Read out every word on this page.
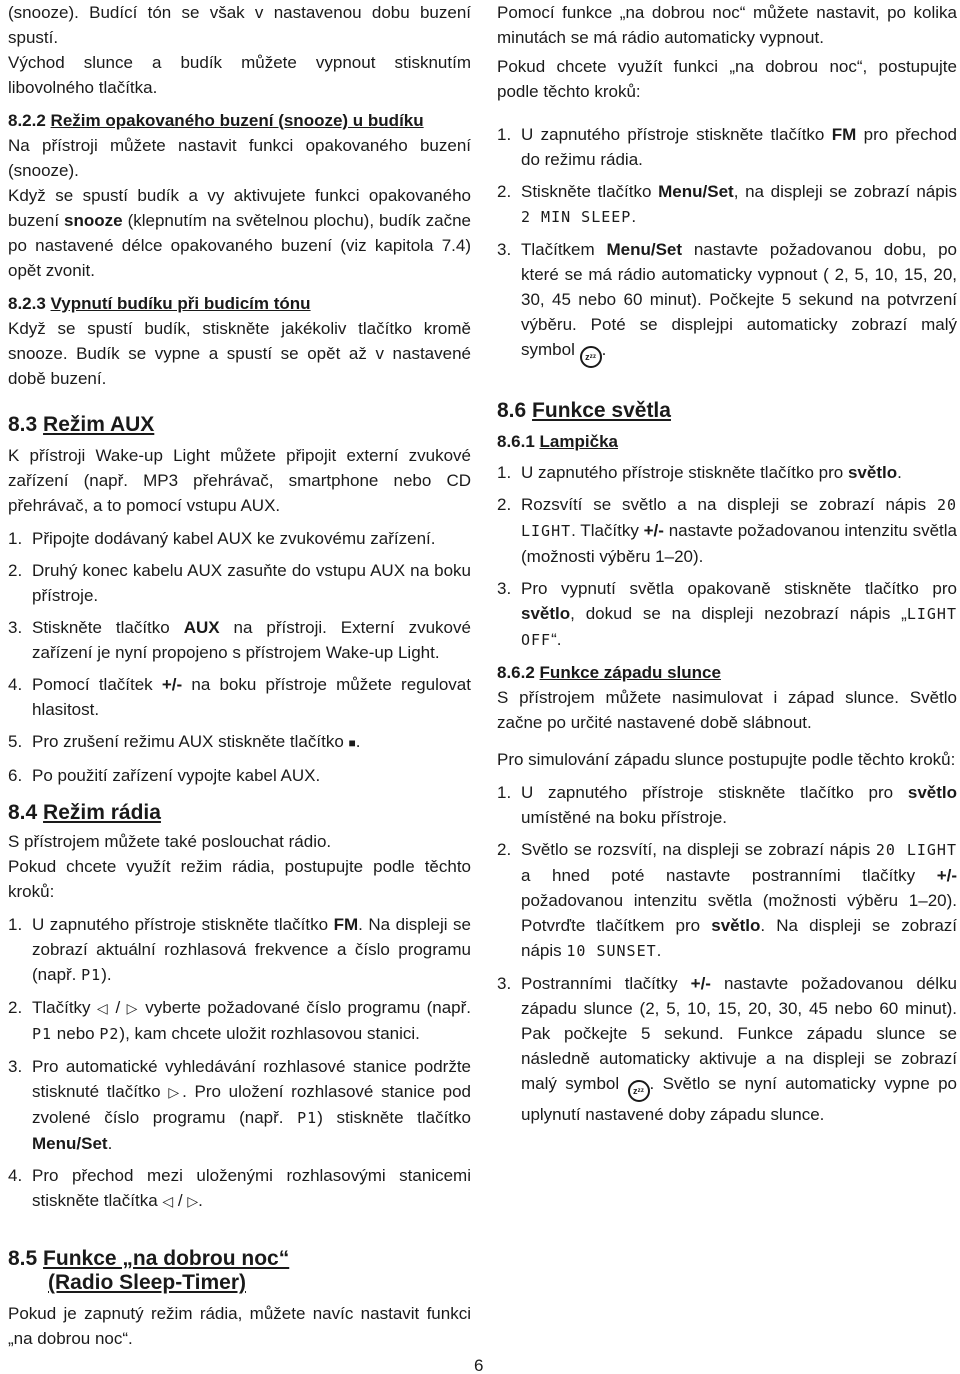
(snooze). Budící tón se však v nastavenou dobu buzení spustí.

Východ slunce a budík můžete vypnout stisknutím libovolného tlačítka.

8.2.2 Režim opakovaného buzení (snooze) u budíku

Na přístroji můžete nastavit funkci opakovaného buzení (snooze).

Když se spustí budík a vy aktivujete funkci opakovaného buzení snooze (klepnutím na světelnou plochu), budík začne po nastavené délce opakovaného buzení (viz kapitola 7.4) opět zvonit.

8.2.3 Vypnutí budíku při budicím tónu

Když se spustí budík, stiskněte jakékoliv tlačítko kromě snooze. Budík se vypne a spustí se opět až v nastavené době buzení.

8.3 Režim AUX

K přístroji Wake-up Light můžete připojit externí zvukové zařízení (např. MP3 přehrávač, smartphone nebo CD přehrávač, a to pomocí vstupu AUX.

1. Připojte dodávaný kabel AUX ke zvukovému zařízení.
2. Druhý konec kabelu AUX zasuňte do vstupu AUX na boku přístroje.
3. Stiskněte tlačítko AUX na přístroji. Externí zvukové zařízení je nyní propojeno s přístrojem Wake-up Light.
4. Pomocí tlačítek +/- na boku přístroje můžete regulovat hlasitost.
5. Pro zrušení režimu AUX stiskněte tlačítko ■.
6. Po použití zařízení vypojte kabel AUX.
8.4 Režim rádia

S přístrojem můžete také poslouchat rádio.

Pokud chcete využít režim rádia, postupujte podle těchto kroků:

1. U zapnutého přístroje stiskněte tlačítko FM. Na displeji se zobrazí aktuální rozhlasová frekvence a číslo programu (např. P1).
2. Tlačítky ◁ / ▷ vyberte požadované číslo programu (např. P1 nebo P2), kam chcete uložit rozhlasovou stanici.
3. Pro automatické vyhledávání rozhlasové stanice podržte stisknuté tlačítko ▷. Pro uložení rozhlasové stanice pod zvolené číslo programu (např. P1) stiskněte tlačítko Menu/Set.
4. Pro přechod mezi uloženými rozhlasovými stanicemi stiskněte tlačítka ◁ / ▷.
8.5 Funkce „na dobrou noc“
(Radio Sleep-Timer)

Pokud je zapnutý režim rádia, můžete navíc nastavit funkci „na dobrou noc“.

Pomocí funkce „na dobrou noc“ můžete nastavit, po kolika minutách se má rádio automaticky vypnout.

Pokud chcete využít funkci „na dobrou noc“, postupujte podle těchto kroků:

1. U zapnutého přístroje stiskněte tlačítko FM pro přechod do režimu rádia.
2. Stiskněte tlačítko Menu/Set, na displeji se zobrazí nápis 2 MIN SLEEP.
3. Tlačítkem Menu/Set nastavte požadovanou dobu, po které se má rádio automaticky vypnout ( 2, 5, 10, 15, 20, 30, 45 nebo 60 minut). Počkejte 5 sekund na potvrzení výběru. Poté se displejpi automaticky zobrazí malý symbol zᶻᶻ .
8.6 Funkce světla
8.6.1 Lampička
1. U zapnutého přístroje stiskněte tlačítko pro světlo.
2. Rozsvítí se světlo a na displeji se zobrazí nápis 20 LIGHT. Tlačítky +/- nastavte požadovanou intenzitu světla (možnosti výběru 1–20).
3. Pro vypnutí světla opakovaně stiskněte tlačítko pro světlo, dokud se na displeji nezobrazí nápis „LIGHT OFF“.
8.6.2 Funkce západu slunce

S přístrojem můžete nasimulovat i západ slunce. Světlo začne po určité nastavené době slábnout.

Pro simulování západu slunce postupujte podle těchto kroků:

1. U zapnutého přístroje stiskněte tlačítko pro světlo umístěné na boku přístroje.
2. Světlo se rozsvítí, na displeji se zobrazí nápis 20 LIGHT a hned poté nastavte postranními tlačítky +/- požadovanou intenzitu světla (možnosti výběru 1–20). Potvrďte tlačítkem pro světlo. Na displeji se zobrazí nápis 10 SUNSET.
3. Postranními tlačítky +/- nastavte požadovanou délku západu slunce (2, 5, 10, 15, 20, 30, 45 nebo 60 minut). Pak počkejte 5 sekund. Funkce západu slunce se následně automaticky aktivuje a na displeji se zobrazí malý symbol zᶻᶻ . Světlo se nyní automaticky vypne po uplynutí nastavené doby západu slunce.
6
